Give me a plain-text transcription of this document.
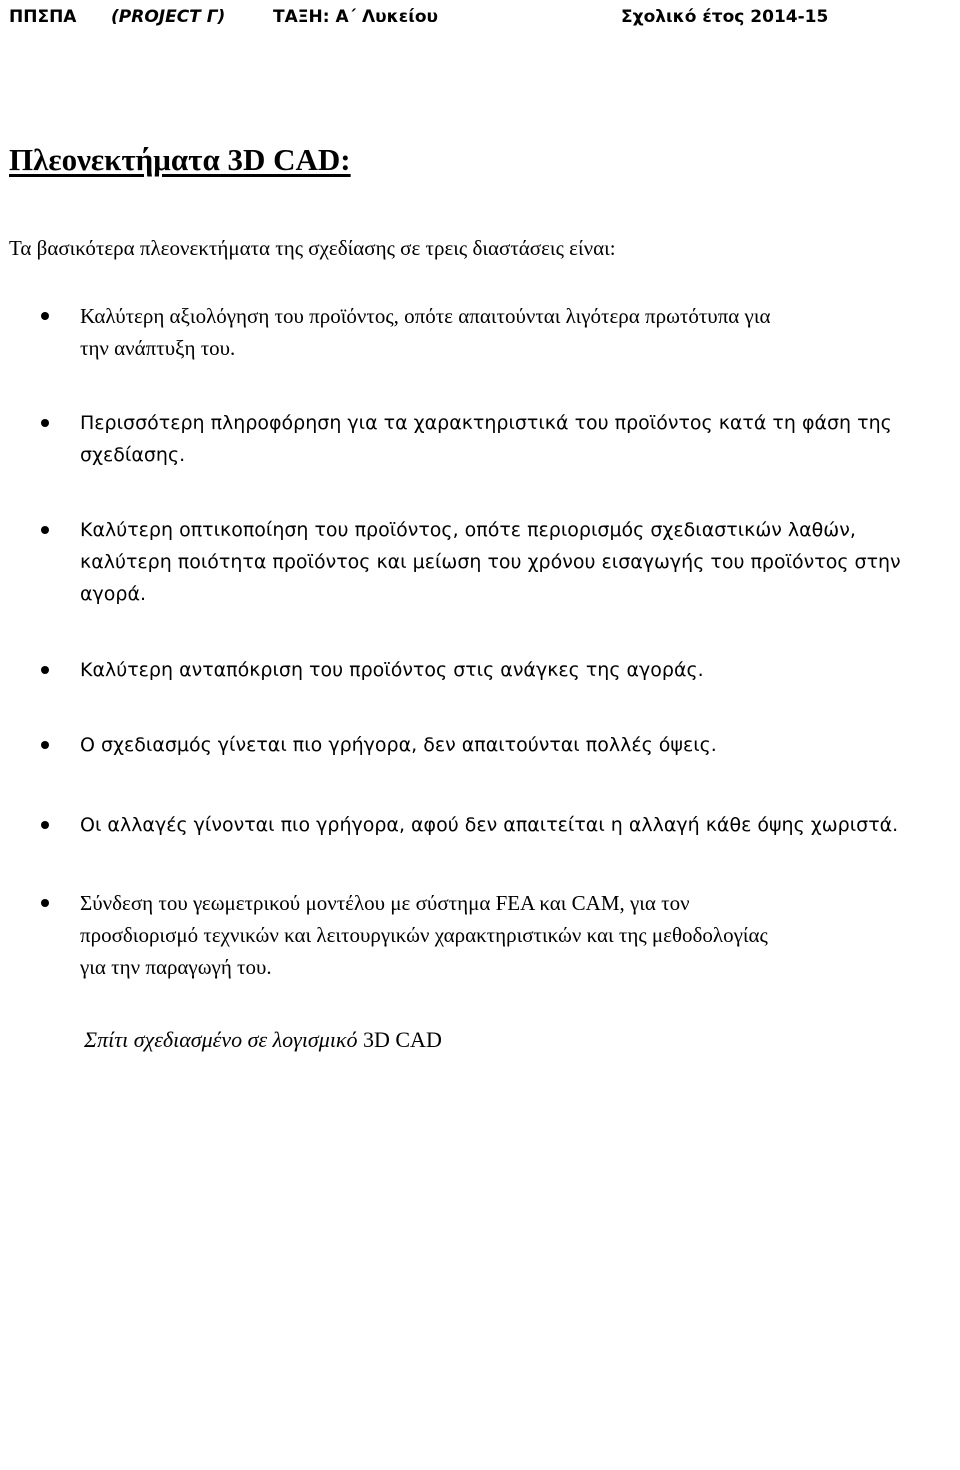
ΠΠΣΠΑ (PROJECT Γ)	ΤΑΞΗ: Α΄ Λυκείου	Σχολικό έτος 2014-15
Πλεονεκτήματα 3D CAD:
Τα βασικότερα πλεονεκτήματα της σχεδίασης σε τρεις διαστάσεις είναι:
Καλύτερη αξιολόγηση του προϊόντος, οπότε απαιτούνται λιγότερα πρωτότυπα για
την ανάπτυξη του.
Περισσότερη πληροφόρηση για τα χαρακτηριστικά του προϊόντος κατά τη φάση της
σχεδίασης.
Καλύτερη οπτικοποίηση του προϊόντος, οπότε περιορισμός σχεδιαστικών λαθών,
καλύτερη ποιότητα προϊόντος και μείωση του χρόνου εισαγωγής του προϊόντος στην
αγορά.
Καλύτερη ανταπόκριση του προϊόντος στις ανάγκες της αγοράς.
Ο σχεδιασμός γίνεται πιο γρήγορα, δεν απαιτούνται πολλές όψεις.
Οι αλλαγές γίνονται πιο γρήγορα, αφού δεν απαιτείται η αλλαγή κάθε όψης χωριστά.
Σύνδεση του γεωμετρικού μοντέλου με σύστημα FEA και CAM, για τον
προσδιορισμό τεχνικών και λειτουργικών χαρακτηριστικών και της μεθοδολογίας
για την παραγωγή του.
Σπίτι σχεδιασμένο σε λογισμικό 3D CAD
